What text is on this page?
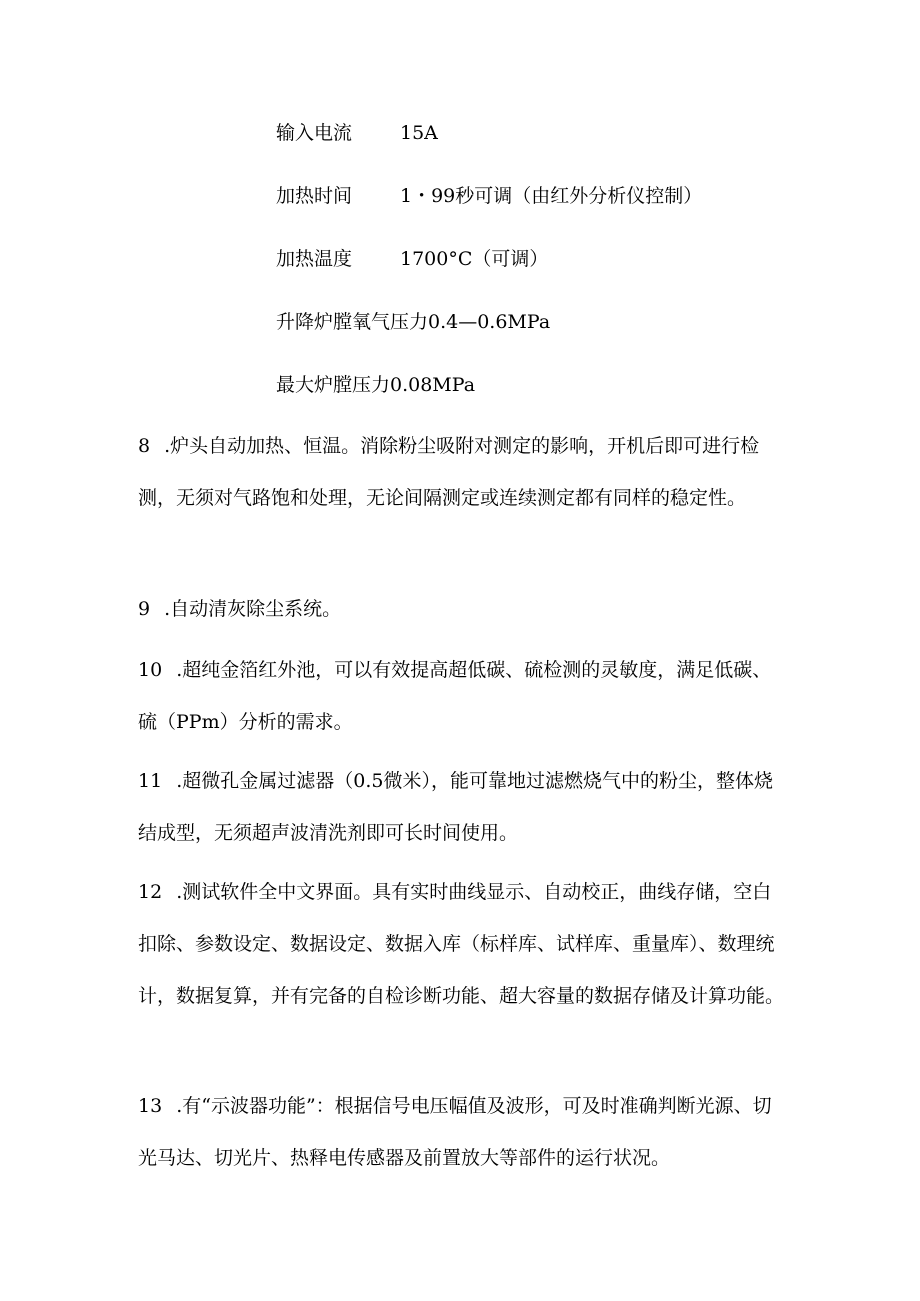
输入电流	15A
加热时间	1・99秒可调（由红外分析仪控制）
加热温度	1700°C（可调）
升降炉膛氧气压力0.4—0.6MPa
最大炉膛压力0.08MPa

8 .炉头自动加热、恒温。消除粉尘吸附对测定的影响，开机后即可进行检测，无须对气路饱和处理，无论间隔测定或连续测定都有同样的稳定性。

9 .自动清灰除尘系统。

10 .超纯金箔红外池，可以有效提高超低碳、硫检测的灵敏度，满足低碳、硫（PPm）分析的需求。

11 .超微孔金属过滤器（0.5微米），能可靠地过滤燃烧气中的粉尘，整体烧结成型，无须超声波清洗剂即可长时间使用。

12 .测试软件全中文界面。具有实时曲线显示、自动校正，曲线存储，空白扣除、参数设定、数据设定、数据入库（标样库、试样库、重量库）、数理统计，数据复算，并有完备的自检诊断功能、超大容量的数据存储及计算功能。

13 .有“示波器功能”：根据信号电压幅值及波形，可及时准确判断光源、切光马达、切光片、热释电传感器及前置放大等部件的运行状况。
